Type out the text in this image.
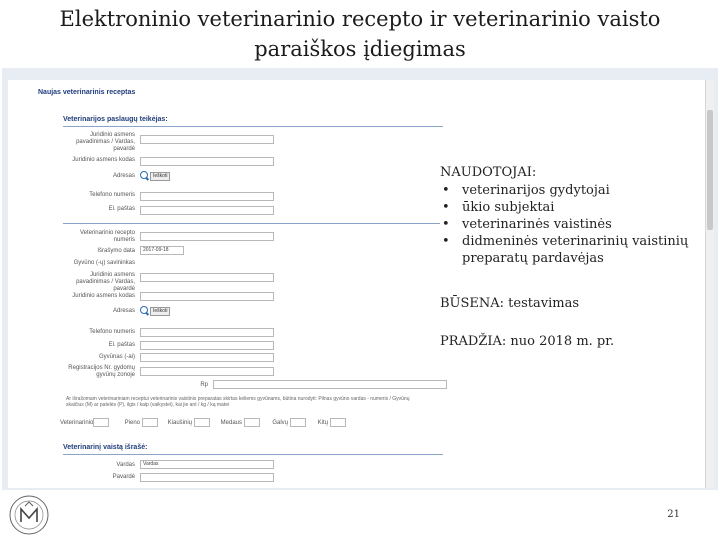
Elektroninio veterinarinio recepto ir veterinarinio vaisto
paraiškos įdiegimas
Naujas veterinarinis receptas
Veterinarijos paslaugų teikėjas:
Juridinio asmens pavadinimas / Vardas, pavardė
Juridinio asmens kodas
Adresas	Ieškoti
Telefono numeris
El. paštas
Veterinarinio recepto numeris
Išrašymo data	2017-09-18
Gyvūno (-ų) savininkas
Juridinio asmens pavadinimas / Vardas, pavardė
Juridinio asmens kodas
Adresas	Ieškoti
Telefono numeris
El. paštas
Gyvūnas (-ai)
Registracijos Nr. gydomų gyvūnų zonoje
Rp
Ar išrašomam veterinariniam receptui veterinarinis vaistinis preparatas skirtas keliems gyvūnams, būtina nurodyti: Pilnas gyvūno vardas - numeris / Gyvūnų skaičius (M) ar patelės (P), ilgis / kaip (vaikystei), kai jie ant / kg / ką matei
Veterinarinio	Pieno	Kiaušinių	Medaus	Galvų	Kitų
Veterinarinį vaistą išrašė:
Vardas	Vardas
Pavardė

NAUDOTOJAI:

• veterinarijos gydytojai
• ūkio subjektai
• veterinarinės vaistinės
• didmeninės veterinarinių vaistinių preparatų pardavėjas

BŪSENA: testavimas

PRADŽIA: nuo 2018 m. pr.

21
